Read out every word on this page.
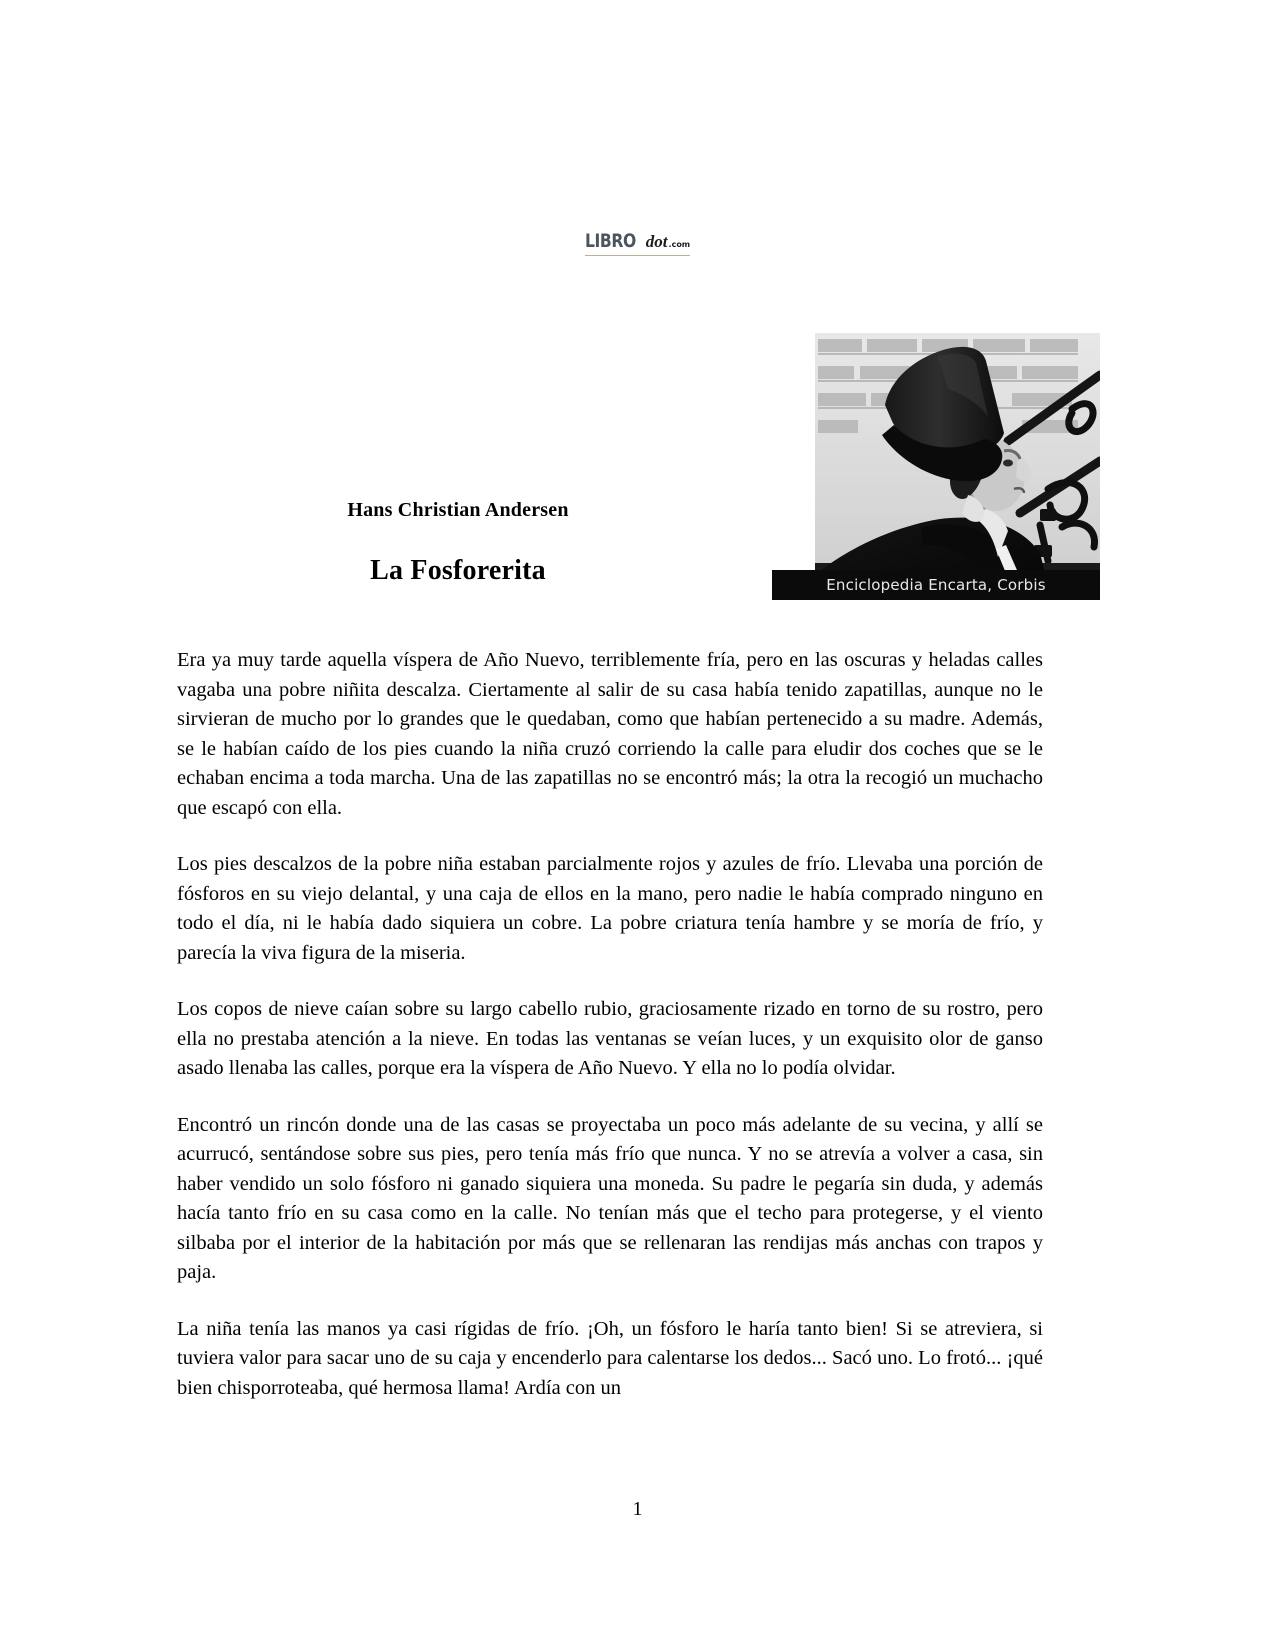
LIBRO dot.com
Enciclopedia Encarta, Corbis
Hans Christian Andersen
La Fosforerita

Era ya muy tarde aquella víspera de Año Nuevo, terriblemente fría, pero en las oscuras y heladas calles vagaba una pobre niñita descalza. Ciertamente al salir de su casa había tenido zapatillas, aunque no le sirvieran de mucho por lo grandes que le quedaban, como que habían pertenecido a su madre. Además, se le habían caído de los pies cuando la niña cruzó corriendo la calle para eludir dos coches que se le echaban encima a toda marcha. Una de las zapatillas no se encontró más; la otra la recogió un muchacho que escapó con ella.

Los pies descalzos de la pobre niña estaban parcialmente rojos y azules de frío. Llevaba una porción de fósforos en su viejo delantal, y una caja de ellos en la mano, pero nadie le había comprado ninguno en todo el día, ni le había dado siquiera un cobre. La pobre criatura tenía hambre y se moría de frío, y parecía la viva figura de la miseria.

Los copos de nieve caían sobre su largo cabello rubio, graciosamente rizado en torno de su rostro, pero ella no prestaba atención a la nieve. En todas las ventanas se veían luces, y un exquisito olor de ganso asado llenaba las calles, porque era la víspera de Año Nuevo. Y ella no lo podía olvidar.

Encontró un rincón donde una de las casas se proyectaba un poco más adelante de su vecina, y allí se acurrucó, sentándose sobre sus pies, pero tenía más frío que nunca. Y no se atrevía a volver a casa, sin haber vendido un solo fósforo ni ganado siquiera una moneda. Su padre le pegaría sin duda, y además hacía tanto frío en su casa como en la calle. No tenían más que el techo para protegerse, y el viento silbaba por el interior de la habitación por más que se rellenaran las rendijas más anchas con trapos y paja.

La niña tenía las manos ya casi rígidas de frío. ¡Oh, un fósforo le haría tanto bien! Si se atreviera, si tuviera valor para sacar uno de su caja y encenderlo para calentarse los dedos... Sacó uno. Lo frotó... ¡qué bien chisporroteaba, qué hermosa llama! Ardía con un

1
